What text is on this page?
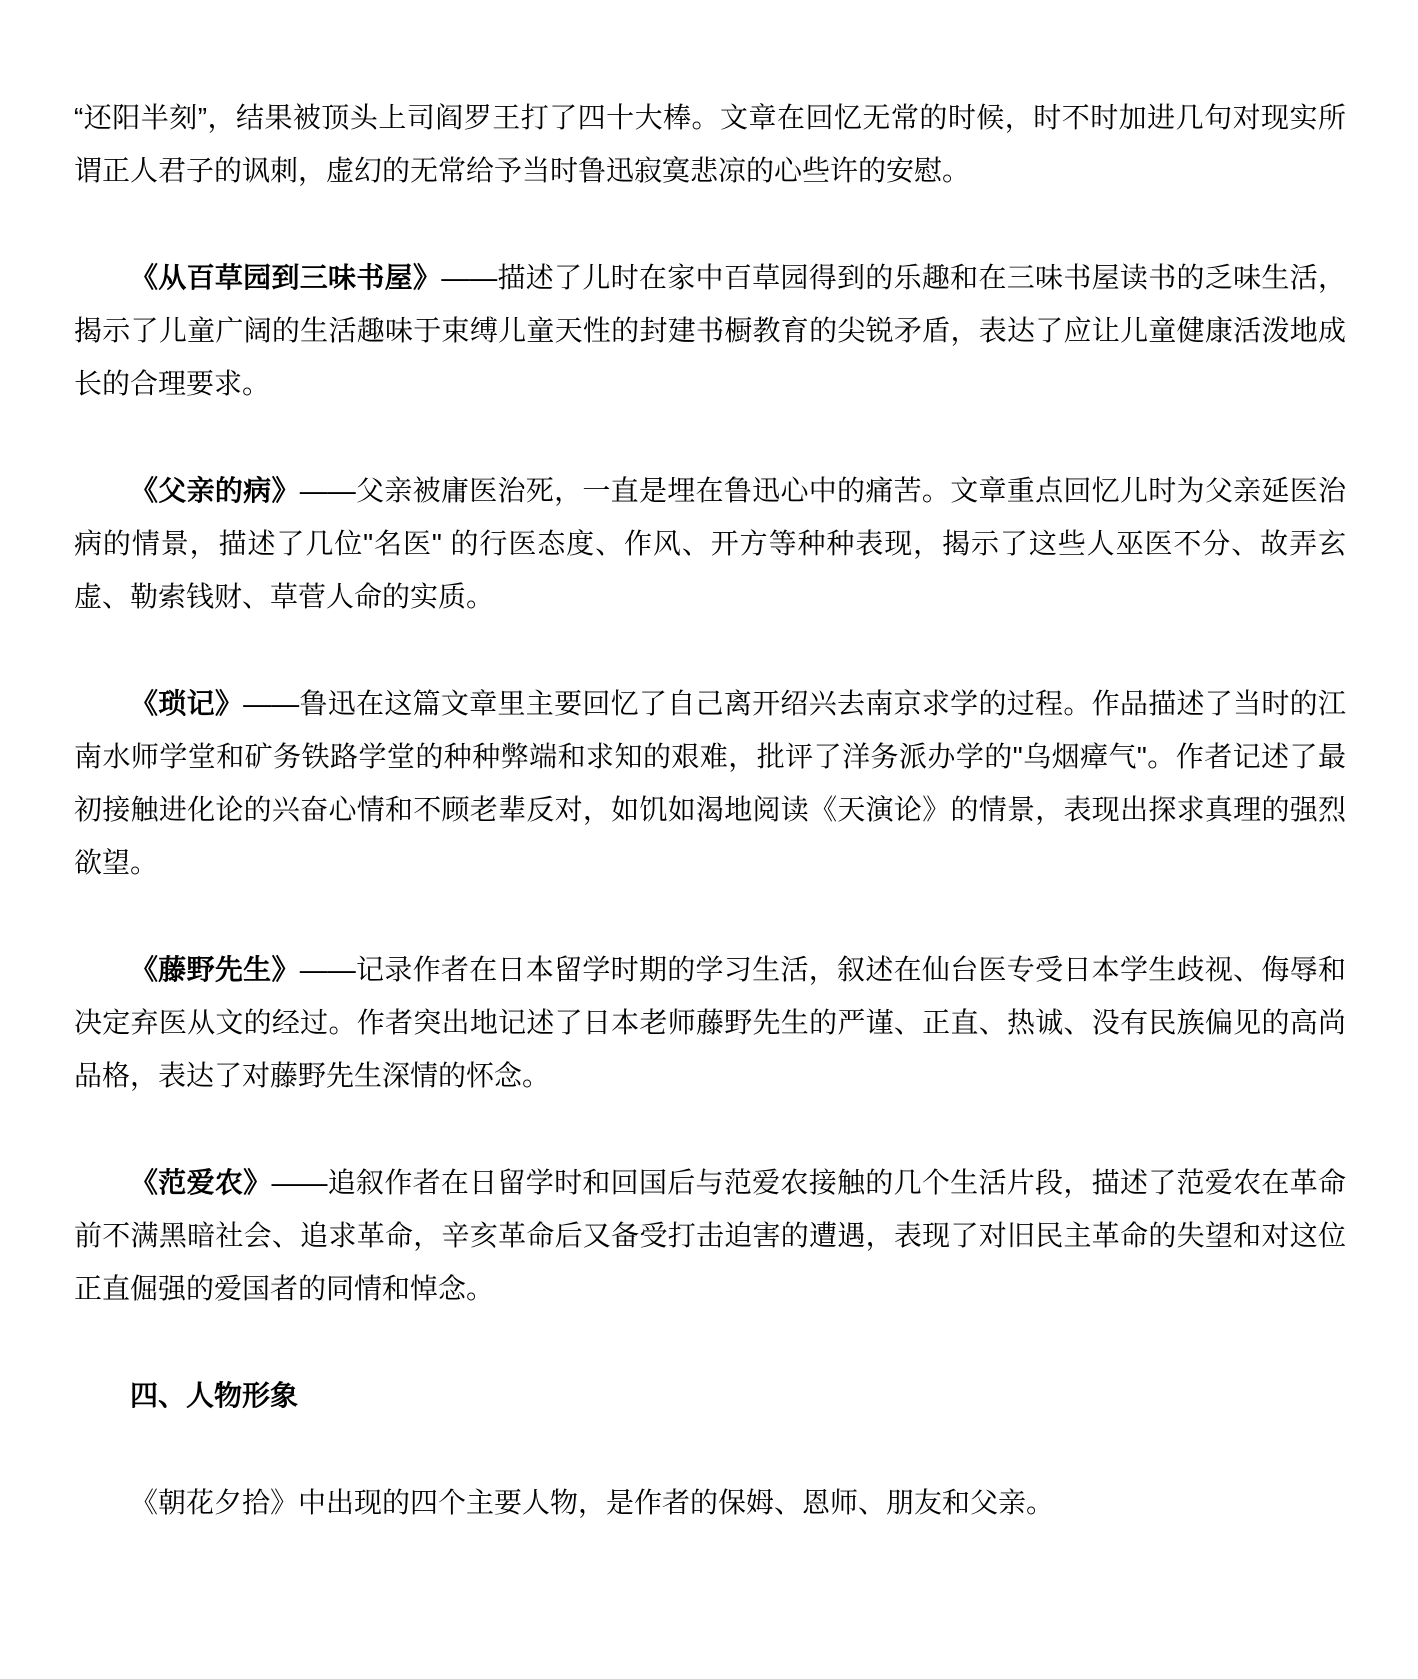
“还阳半刻”，结果被顶头上司阎罗王打了四十大棒。文章在回忆无常的时候，时不时加进几句对现实所谓正人君子的讽刺，虚幻的无常给予当时鲁迅寂寞悲凉的心些许的安慰。

《从百草园到三味书屋》——描述了儿时在家中百草园得到的乐趣和在三味书屋读书的乏味生活，揭示了儿童广阔的生活趣味于束缚儿童天性的封建书橱教育的尖锐矛盾，表达了应让儿童健康活泼地成长的合理要求。

《父亲的病》——父亲被庸医治死，一直是埋在鲁迅心中的痛苦。文章重点回忆儿时为父亲延医治病的情景，描述了几位"名医" 的行医态度、作风、开方等种种表现，揭示了这些人巫医不分、故弄玄虚、勒索钱财、草菅人命的实质。

《琐记》——鲁迅在这篇文章里主要回忆了自己离开绍兴去南京求学的过程。作品描述了当时的江南水师学堂和矿务铁路学堂的种种弊端和求知的艰难，批评了洋务派办学的"乌烟瘴气"。作者记述了最初接触进化论的兴奋心情和不顾老辈反对，如饥如渴地阅读《天演论》的情景，表现出探求真理的强烈欲望。

《藤野先生》——记录作者在日本留学时期的学习生活，叙述在仙台医专受日本学生歧视、侮辱和决定弃医从文的经过。作者突出地记述了日本老师藤野先生的严谨、正直、热诚、没有民族偏见的高尚品格，表达了对藤野先生深情的怀念。

《范爱农》——追叙作者在日留学时和回国后与范爱农接触的几个生活片段，描述了范爱农在革命前不满黑暗社会、追求革命，辛亥革命后又备受打击迫害的遭遇，表现了对旧民主革命的失望和对这位正直倔强的爱国者的同情和悼念。

四、人物形象

《朝花夕拾》中出现的四个主要人物，是作者的保姆、恩师、朋友和父亲。
